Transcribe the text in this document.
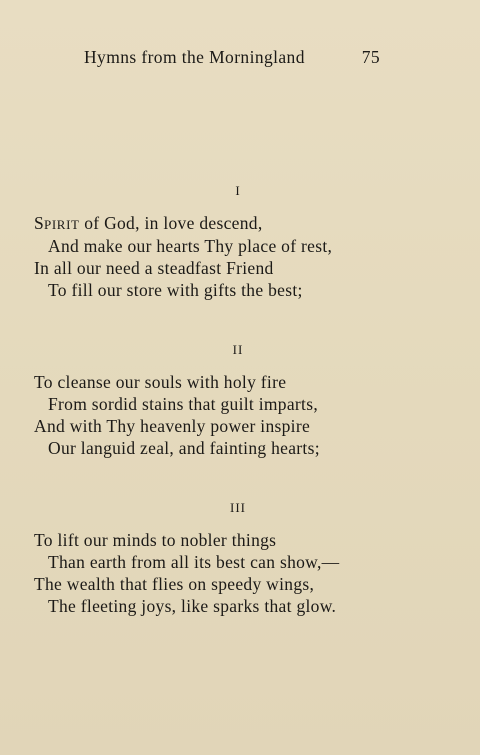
Hymns from the Morningland	75
I
SPIRIT of God, in love descend,
And make our hearts Thy place of rest,
In all our need a steadfast Friend
To fill our store with gifts the best;
II
To cleanse our souls with holy fire
From sordid stains that guilt imparts,
And with Thy heavenly power inspire
Our languid zeal, and fainting hearts;
III
To lift our minds to nobler things
Than earth from all its best can show,—
The wealth that flies on speedy wings,
The fleeting joys, like sparks that glow.
